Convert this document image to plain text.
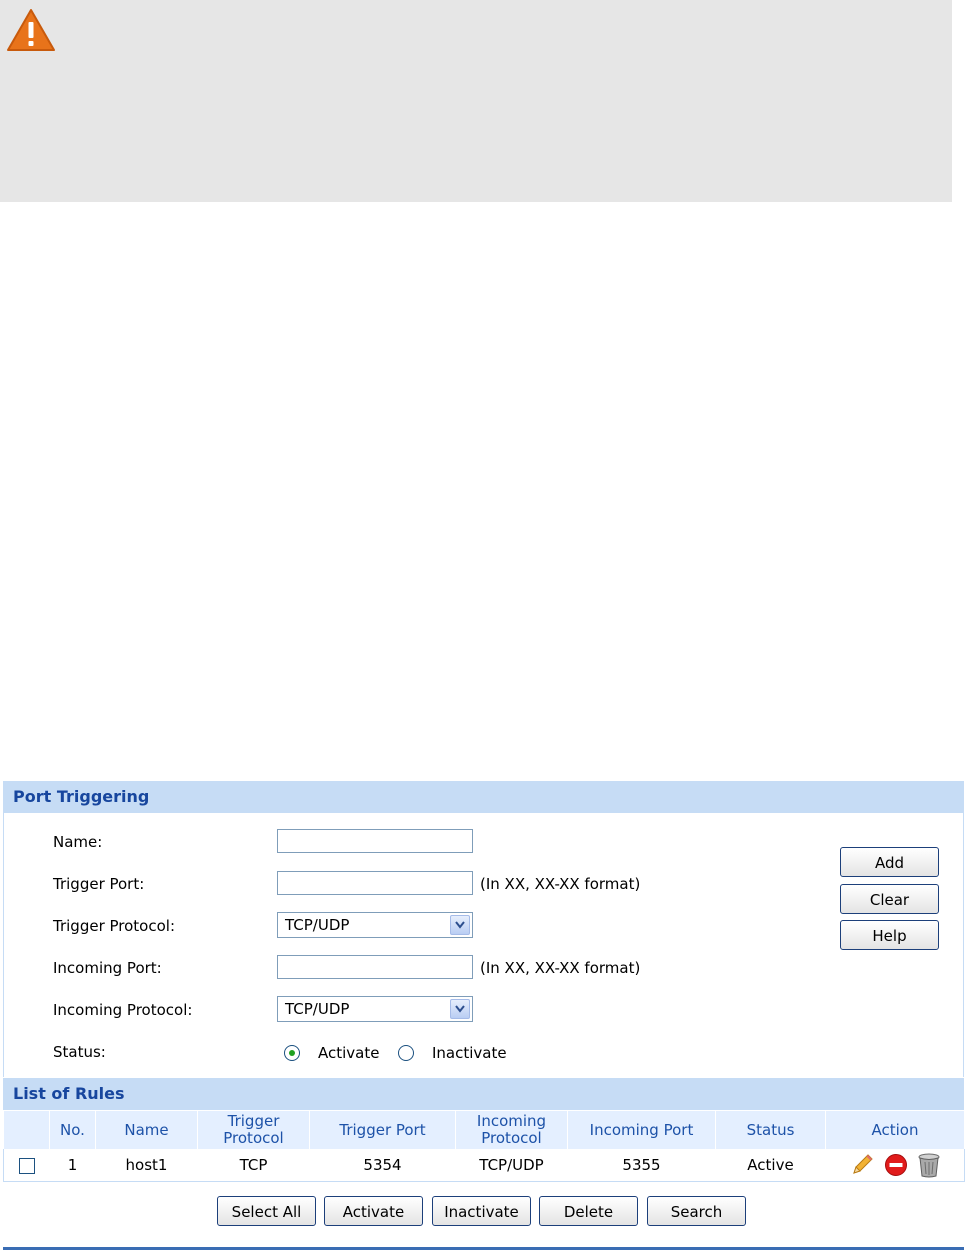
Port Triggering
Name:
Trigger Port:	(In XX, XX-XX format)
Trigger Protocol:	TCP/UDP
Incoming Port:	(In XX, XX-XX format)
Incoming Protocol:	TCP/UDP
Status:	Activate	Inactivate
Add
Clear
Help
List of Rules
	No.	Name	Trigger Protocol	Trigger Port	Incoming Protocol	Incoming Port	Status	Action
	1	host1	TCP	5354	TCP/UDP	5355	Active	
Select All	Activate	Inactivate	Delete	Search
